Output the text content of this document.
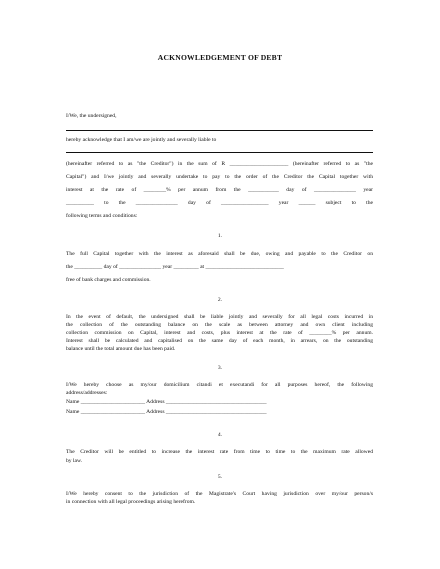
ACKNOWLEDGEMENT OF DEBT

I/We, the undersigned,

hereby acknowledge that I am/we are jointly and severally liable to

(hereinafter referred to as "the Creditor") in the sum of R _____________________ (hereinafter referred to as "the

Capital") and I/we jointly and severally undertake to pay to the order of the Creditor the Capital together with

interest at the rate of ________% per annum from the ___________ day of _______________ year

__________ to the _______________ day of _________________ year ______ subject to the

following terms and conditions:

1.

The full Capital together with the interest as aforesaid shall be due, owing and payable to the Creditor on

the __________ day of _______________ year _________ at ____________________________

free of bank charges and commission.

2.

In the event of default, the undersigned shall be liable jointly and severally for all legal costs incurred in

the collection of the outstanding balance on the scale as between attorney and own client including

collection commission on Capital, interest and costs, plus interest at the rate of ________% per annum.

Interest shall be calculated and capitalised on the same day of each month, in arrears, on the outstanding

balance until the total amount due has been paid.

3.

I/We hereby choose as my/our domicilium citandi et executandi for all purposes hereof, the following

address/addresses:

Name _______________________ Address ____________________________________

Name _______________________ Address ____________________________________

4.

The Creditor will be entitled to increase the interest rate from time to time to the maximum rate allowed

by law.

5.

I/We hereby consent to the jurisdiction of the Magistrate's Court having jurisdiction over my/our person/s

in connection with all legal proceedings arising herefrom.
